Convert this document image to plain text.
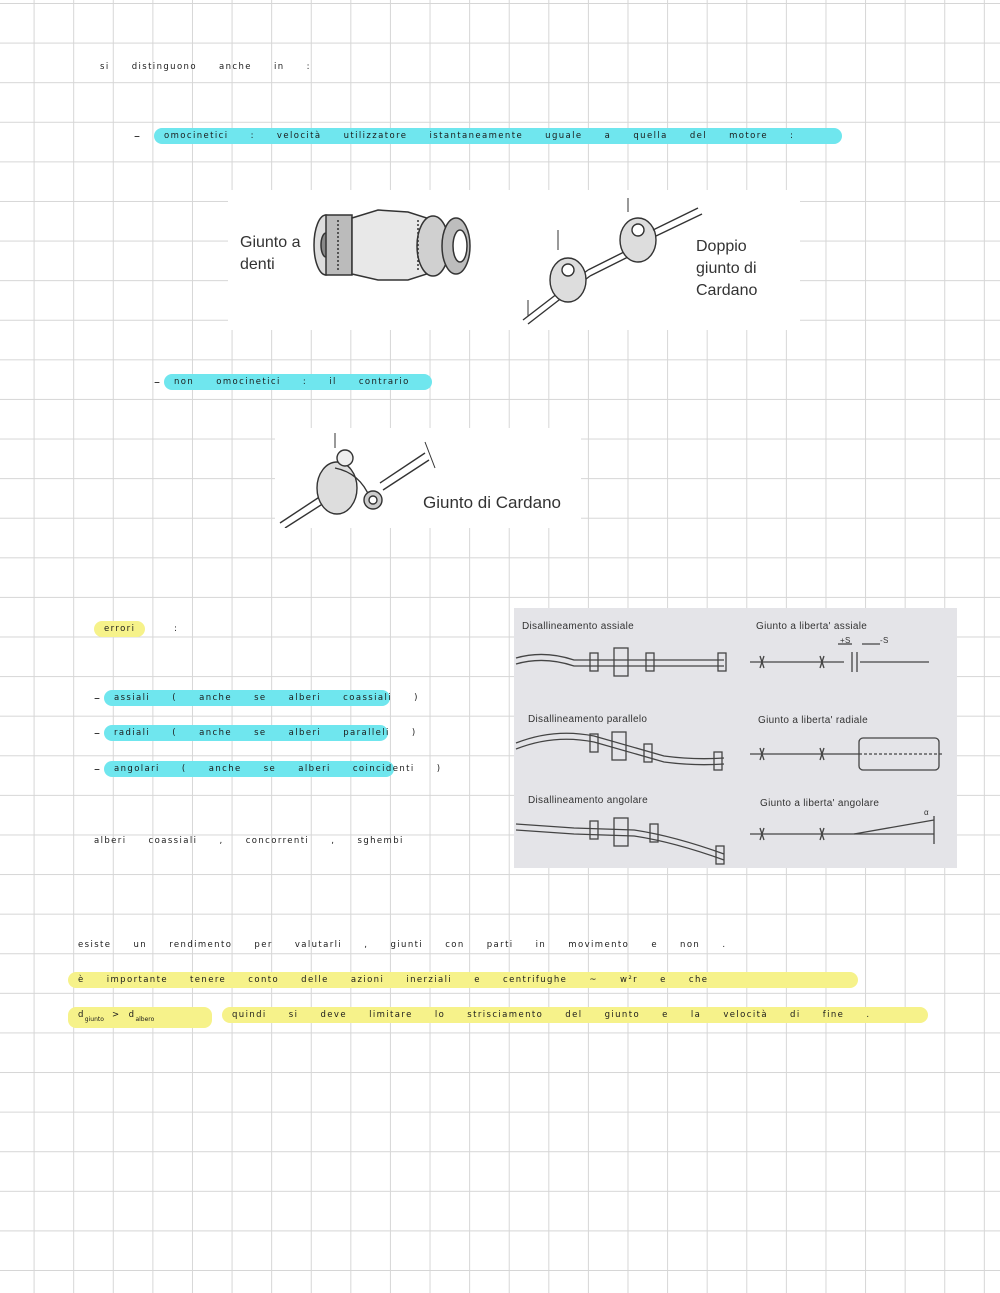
si distinguono anche in :
–	omocinetici : velocità utilizzatore istantaneamente uguale a quella del motore :
Giunto a
denti
Doppio
giunto di
Cardano
–	non omocinetici : il contrario
Giunto di Cardano
errori	:
–	assiali ( anche se alberi coassiali )
–	radiali ( anche se alberi paralleli )
–	angolari ( anche se alberi coincidenti )
alberi coassiali , concorrenti , sghembi
Disallineamento assiale	Giunto a liberta' assiale
+S	-S
Disallineamento parallelo	Giunto a liberta' radiale
Disallineamento angolare	Giunto a liberta' angolare
α
esiste un rendimento per valutarli , giunti con parti in movimento e non .
è importante tenere conto delle azioni inerziali e centrifughe ~ w²r e che
$d_{giunto} > d_{albero}$	quindi si deve limitare lo strisciamento del giunto e la velocità di fine .
